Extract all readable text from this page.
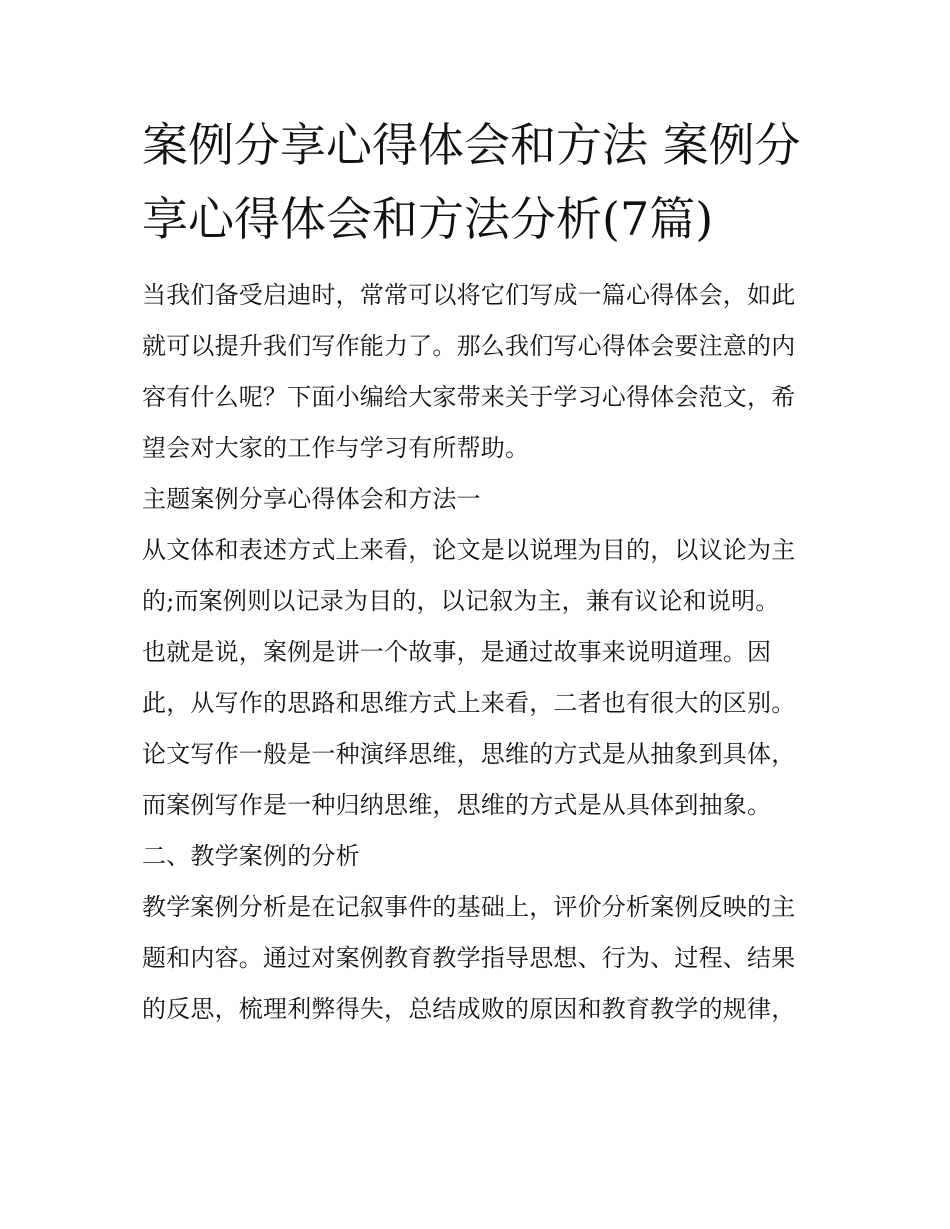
案例分享心得体会和方法 案例分享心得体会和方法分析(7篇)

当我们备受启迪时，常常可以将它们写成一篇心得体会，如此就可以提升我们写作能力了。那么我们写心得体会要注意的内容有什么呢？下面小编给大家带来关于学习心得体会范文，希望会对大家的工作与学习有所帮助。

主题案例分享心得体会和方法一

从文体和表述方式上来看，论文是以说理为目的，以议论为主的;而案例则以记录为目的，以记叙为主，兼有议论和说明。

也就是说，案例是讲一个故事，是通过故事来说明道理。因此，从写作的思路和思维方式上来看，二者也有很大的区别。

论文写作一般是一种演绎思维，思维的方式是从抽象到具体，而案例写作是一种归纳思维，思维的方式是从具体到抽象。

二、教学案例的分析

教学案例分析是在记叙事件的基础上，评价分析案例反映的主题和内容。通过对案例教育教学指导思想、行为、过程、结果的反思，梳理利弊得失，总结成败的原因和教育教学的规律，
